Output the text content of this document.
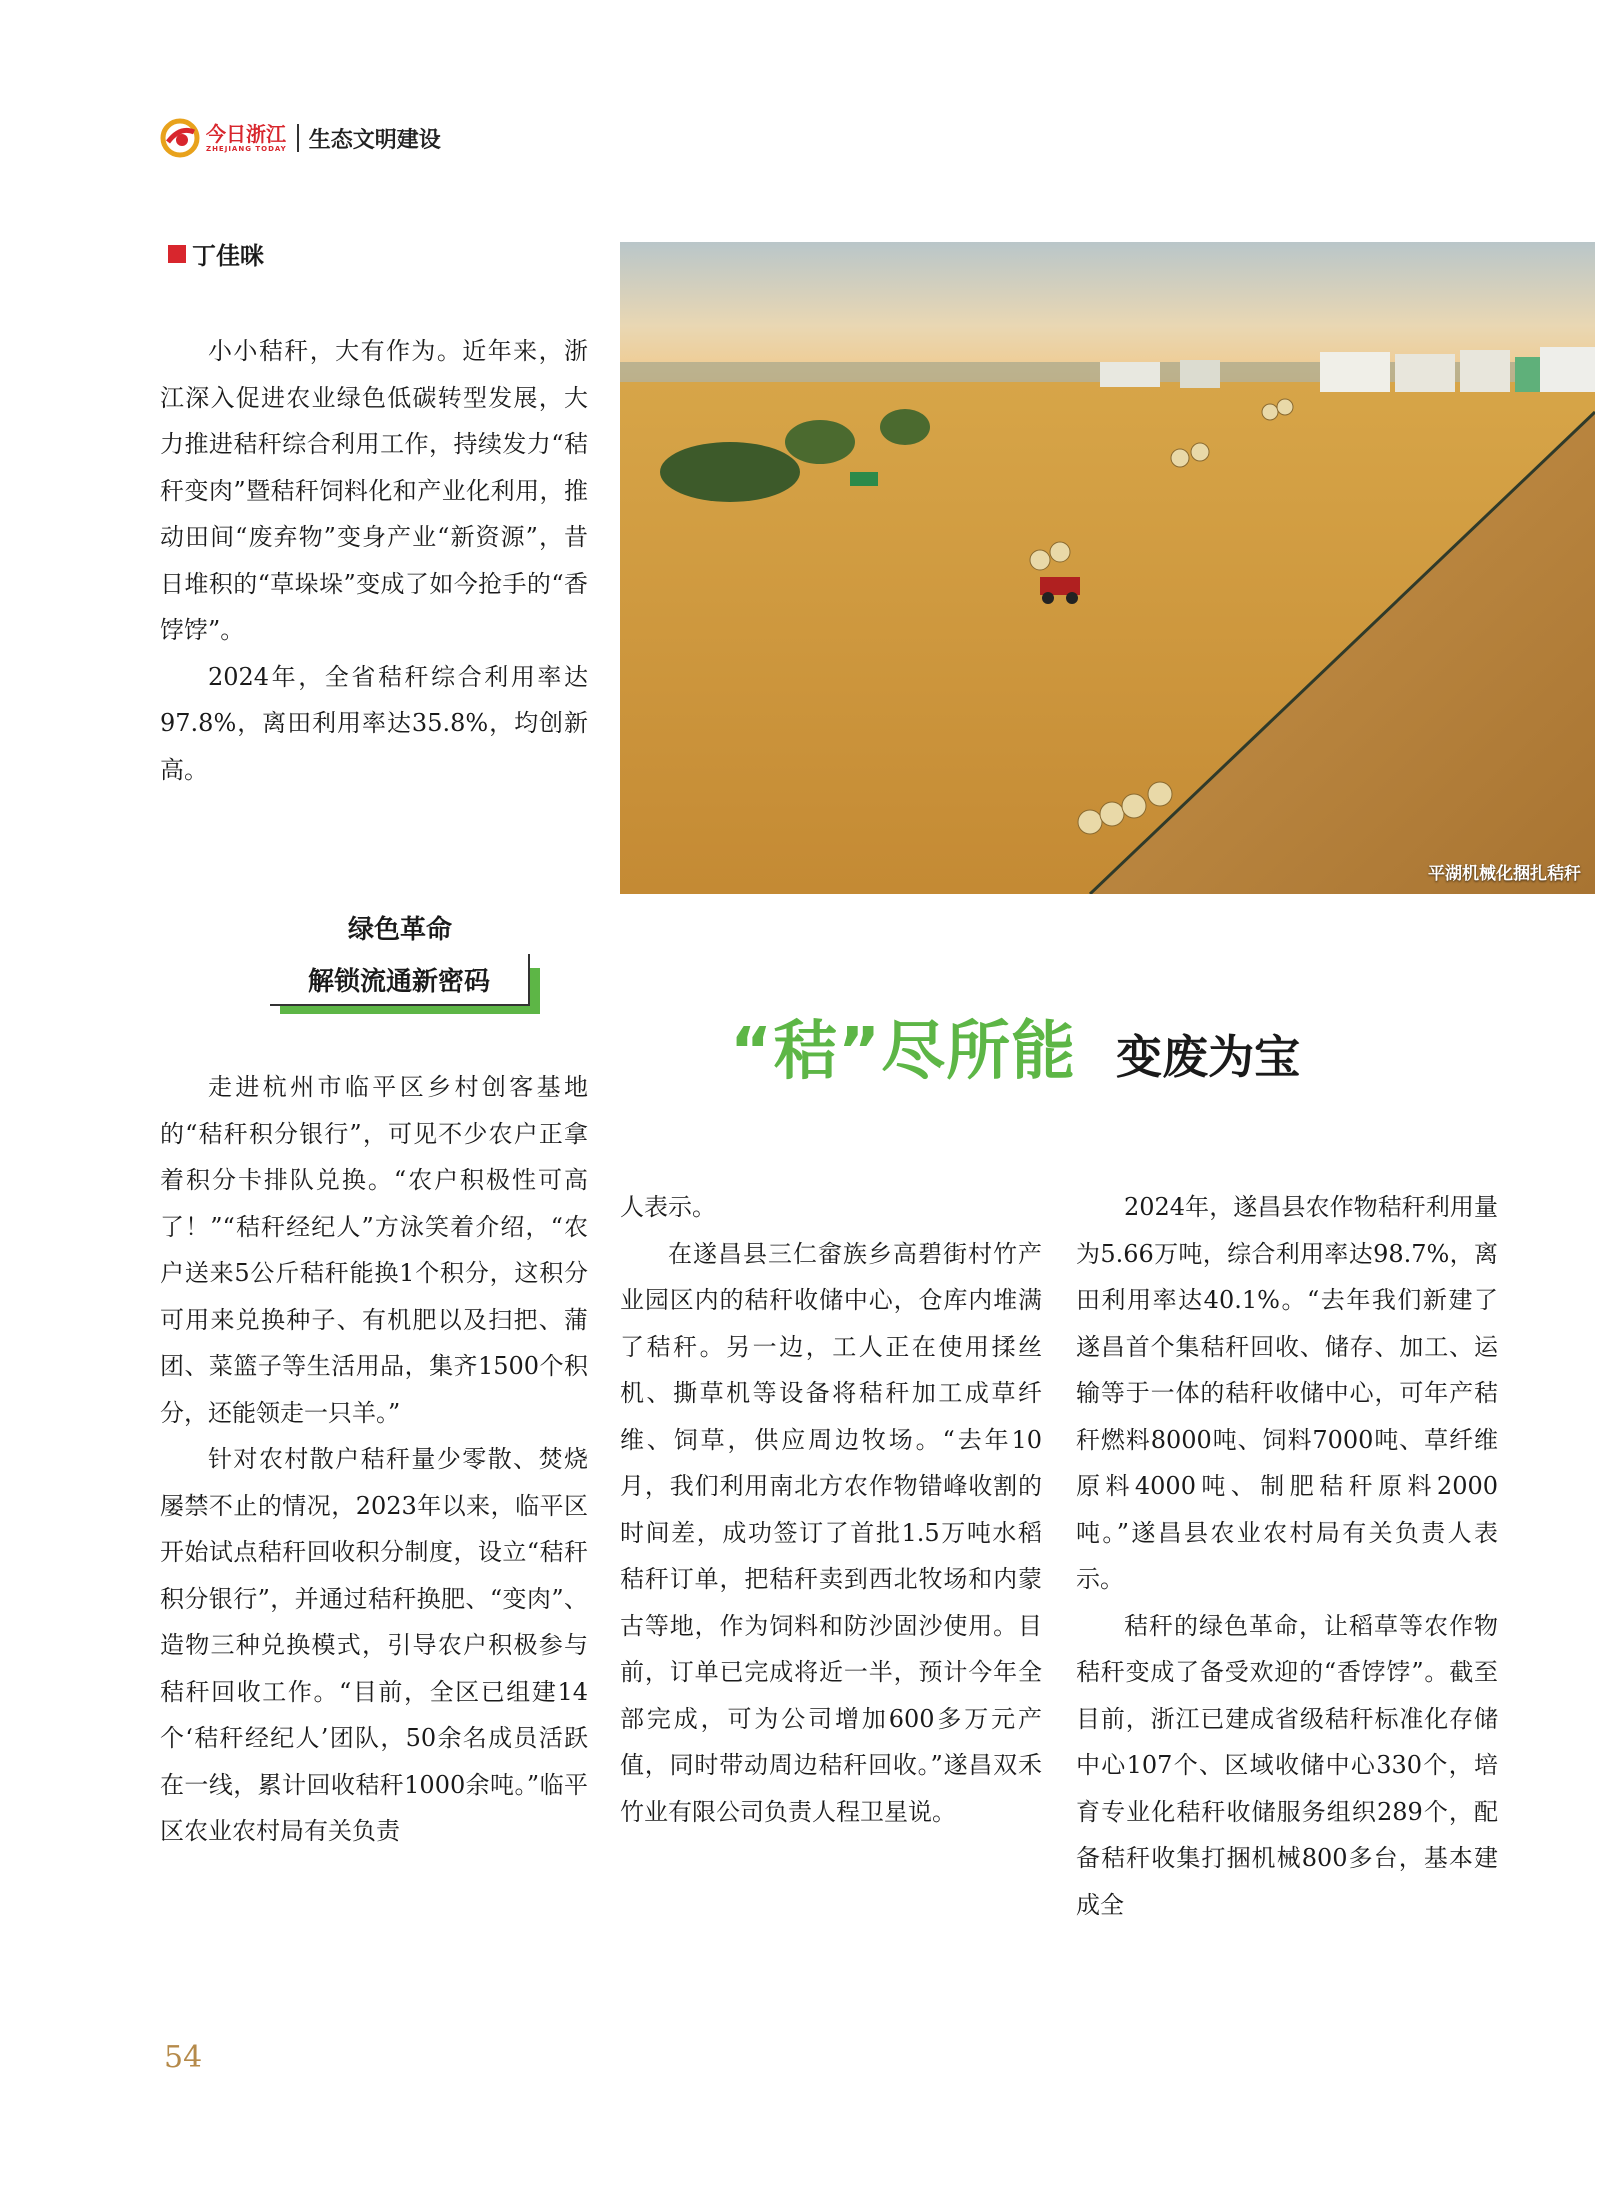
今日浙江
ZHEJIANG TODAY 生态文明建设
丁佳咪
平湖机械化捆扎秸秆

小小秸秆，大有作为。近年来，浙江深入促进农业绿色低碳转型发展，大力推进秸秆综合利用工作，持续发力“秸秆变肉”暨秸秆饲料化和产业化利用，推动田间“废弃物”变身产业“新资源”，昔日堆积的“草垛垛”变成了如今抢手的“香饽饽”。

2024年，全省秸秆综合利用率达97.8%，离田利用率达35.8%，均创新高。

绿色革命
解锁流通新密码
“秸”尽所能 变废为宝

走进杭州市临平区乡村创客基地的“秸秆积分银行”，可见不少农户正拿着积分卡排队兑换。“农户积极性可高了！”“秸秆经纪人”方泳笑着介绍，“农户送来5公斤秸秆能换1个积分，这积分可用来兑换种子、有机肥以及扫把、蒲团、菜篮子等生活用品，集齐1500个积分，还能领走一只羊。”

针对农村散户秸秆量少零散、焚烧屡禁不止的情况，2023年以来，临平区开始试点秸秆回收积分制度，设立“秸秆积分银行”，并通过秸秆换肥、“变肉”、造物三种兑换模式，引导农户积极参与秸秆回收工作。“目前，全区已组建14个‘秸秆经纪人’团队，50余名成员活跃在一线，累计回收秸秆1000余吨。”临平区农业农村局有关负责

人表示。

在遂昌县三仁畲族乡高碧街村竹产业园区内的秸秆收储中心，仓库内堆满了秸秆。另一边，工人正在使用揉丝机、撕草机等设备将秸秆加工成草纤维、饲草，供应周边牧场。“去年10月，我们利用南北方农作物错峰收割的时间差，成功签订了首批1.5万吨水稻秸秆订单，把秸秆卖到西北牧场和内蒙古等地，作为饲料和防沙固沙使用。目前，订单已完成将近一半，预计今年全部完成，可为公司增加600多万元产值，同时带动周边秸秆回收。”遂昌双禾竹业有限公司负责人程卫星说。

2024年，遂昌县农作物秸秆利用量为5.66万吨，综合利用率达98.7%，离田利用率达40.1%。“去年我们新建了遂昌首个集秸秆回收、储存、加工、运输等于一体的秸秆收储中心，可年产秸秆燃料8000吨、饲料7000吨、草纤维原料4000吨、制肥秸秆原料2000吨。”遂昌县农业农村局有关负责人表示。

秸秆的绿色革命，让稻草等农作物秸秆变成了备受欢迎的“香饽饽”。截至目前，浙江已建成省级秸秆标准化存储中心107个、区域收储中心330个，培育专业化秸秆收储服务组织289个，配备秸秆收集打捆机械800多台，基本建成全

54
